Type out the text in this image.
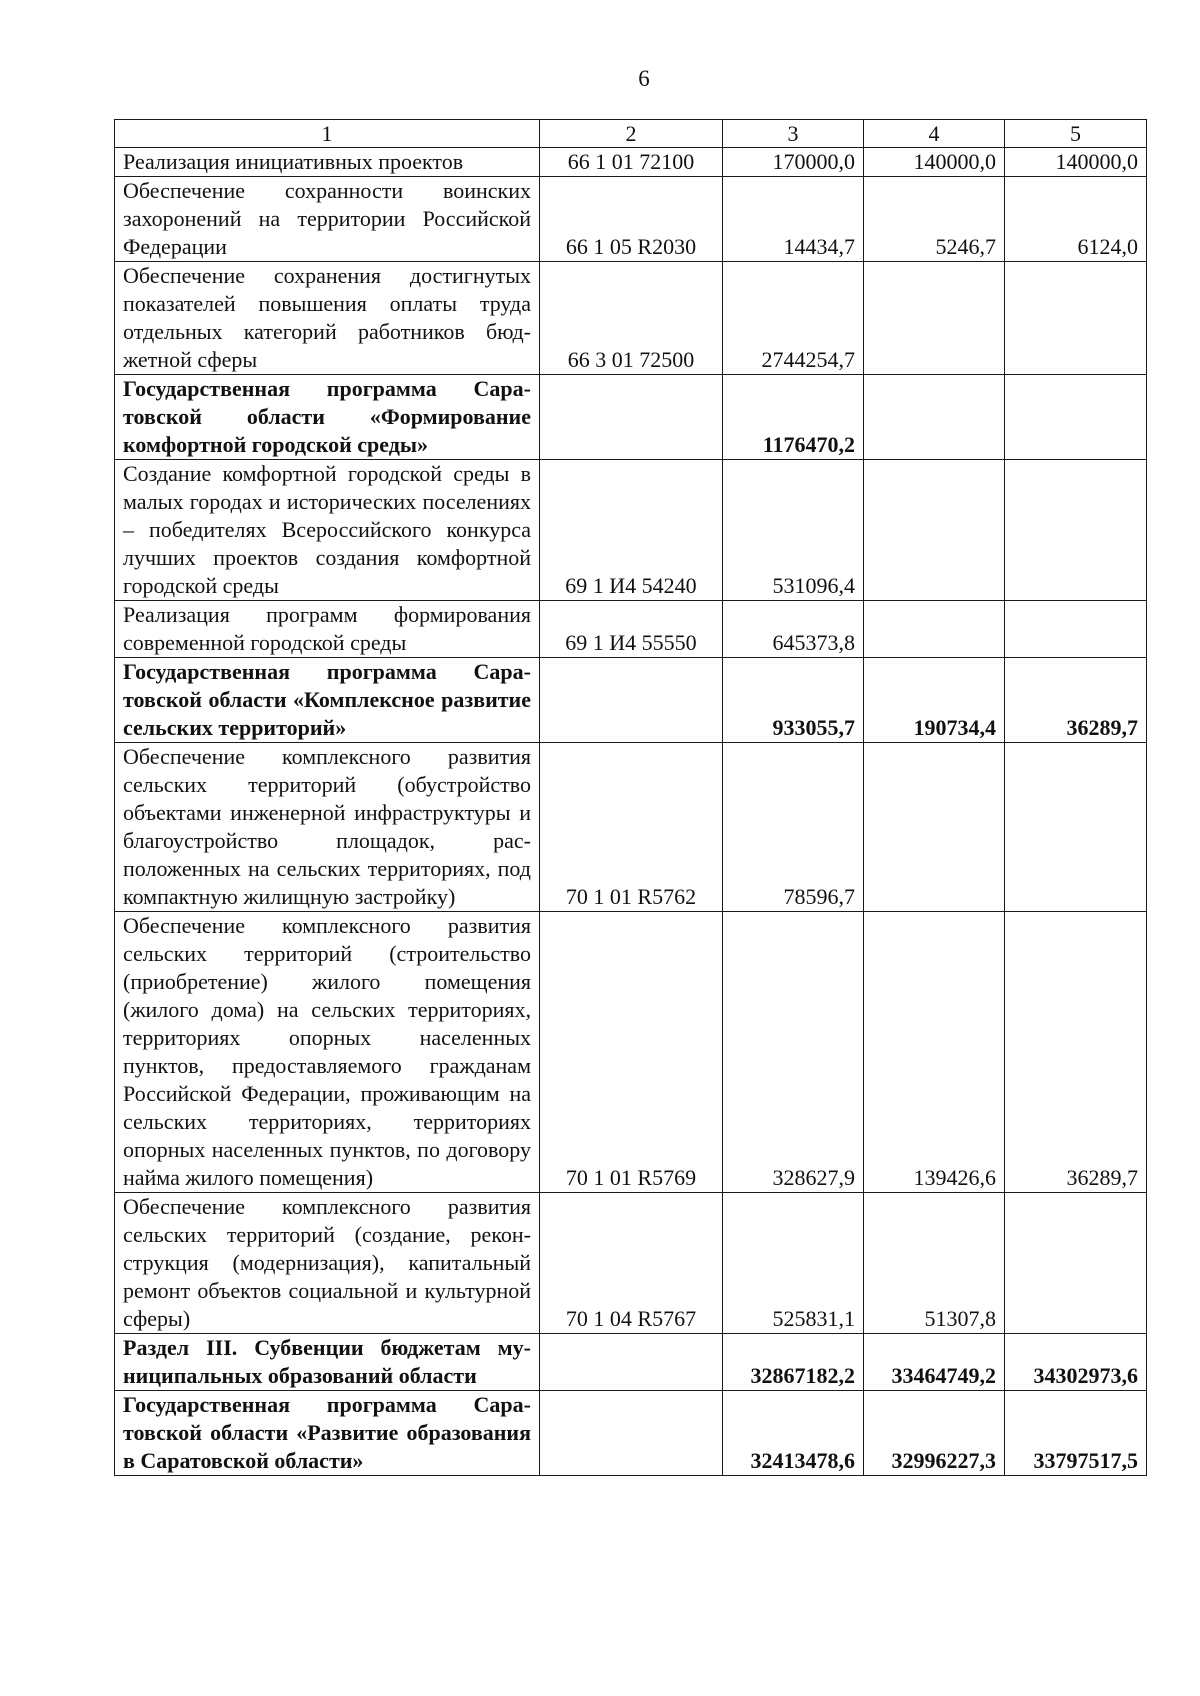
6
1	2	3	4	5
Реализация инициативных проектов	66 1 01 72100	170000,0	140000,0	140000,0
Обеспечение сохранности воинских захоронений на территории Российской Федерации	66 1 05 R2030	14434,7	5246,7	6124,0
Обеспечение сохранения достигнутых показателей повышения оплаты труда отдельных категорий работников бюджетной сферы	66 3 01 72500	2744254,7		
Государственная программа Саратовской области «Формирование комфортной городской среды»		1176470,2		
Создание комфортной городской среды в малых городах и исторических поселениях – победителях Всероссийского конкурса лучших проектов создания комфортной городской среды	69 1 И4 54240	531096,4		
Реализация программ формирования современной городской среды	69 1 И4 55550	645373,8		
Государственная программа Саратовской области «Комплексное развитие сельских территорий»		933055,7	190734,4	36289,7
Обеспечение комплексного развития сельских территорий (обустройство объектами инженерной инфраструктуры и благоустройство площадок, расположенных на сельских территориях, под компактную жилищную застройку)	70 1 01 R5762	78596,7		
Обеспечение комплексного развития сельских территорий (строительство (приобретение) жилого помещения (жилого дома) на сельских территориях, территориях опорных населенных пунктов, предоставляемого гражданам Российской Федерации, проживающим на сельских территориях, территориях опорных населенных пунктов, по договору найма жилого помещения)	70 1 01 R5769	328627,9	139426,6	36289,7
Обеспечение комплексного развития сельских территорий (создание, реконструкция (модернизация), капитальный ремонт объектов социальной и культурной сферы)	70 1 04 R5767	525831,1	51307,8	
Раздел III. Субвенции бюджетам муниципальных образований области		32867182,2	33464749,2	34302973,6
Государственная программа Саратовской области «Развитие образования в Саратовской области»		32413478,6	32996227,3	33797517,5
